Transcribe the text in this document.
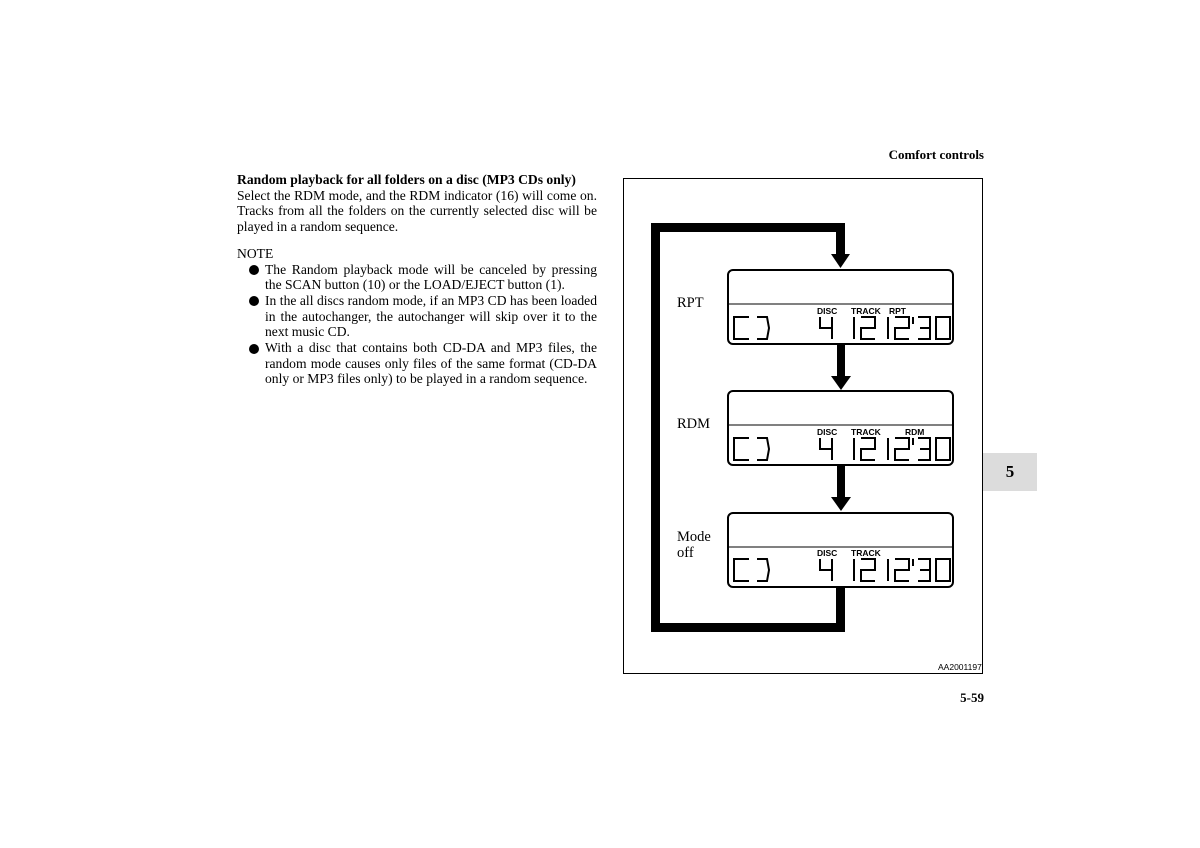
Comfort controls

Random playback for all folders on a disc (MP3 CDs only)

Select the RDM mode, and the RDM indicator (16) will come on. Tracks from all the folders on the currently selected disc will be played in a random sequence.

NOTE

The Random playback mode will be canceled by pressing the SCAN button (10) or the LOAD/EJECT button (1).
In the all discs random mode, if an MP3 CD has been loaded in the autochanger, the autochanger will skip over it to the next music CD.
With a disc that contains both CD-DA and MP3 files, the random mode causes only files of the same format (CD-DA only or MP3 files only) to be played in a random sequence.
RPT	DISC TRACK RPT
RDM	DISC TRACK	RDM
Mode
off	DISC TRACK
AA2001197
5
5-59
